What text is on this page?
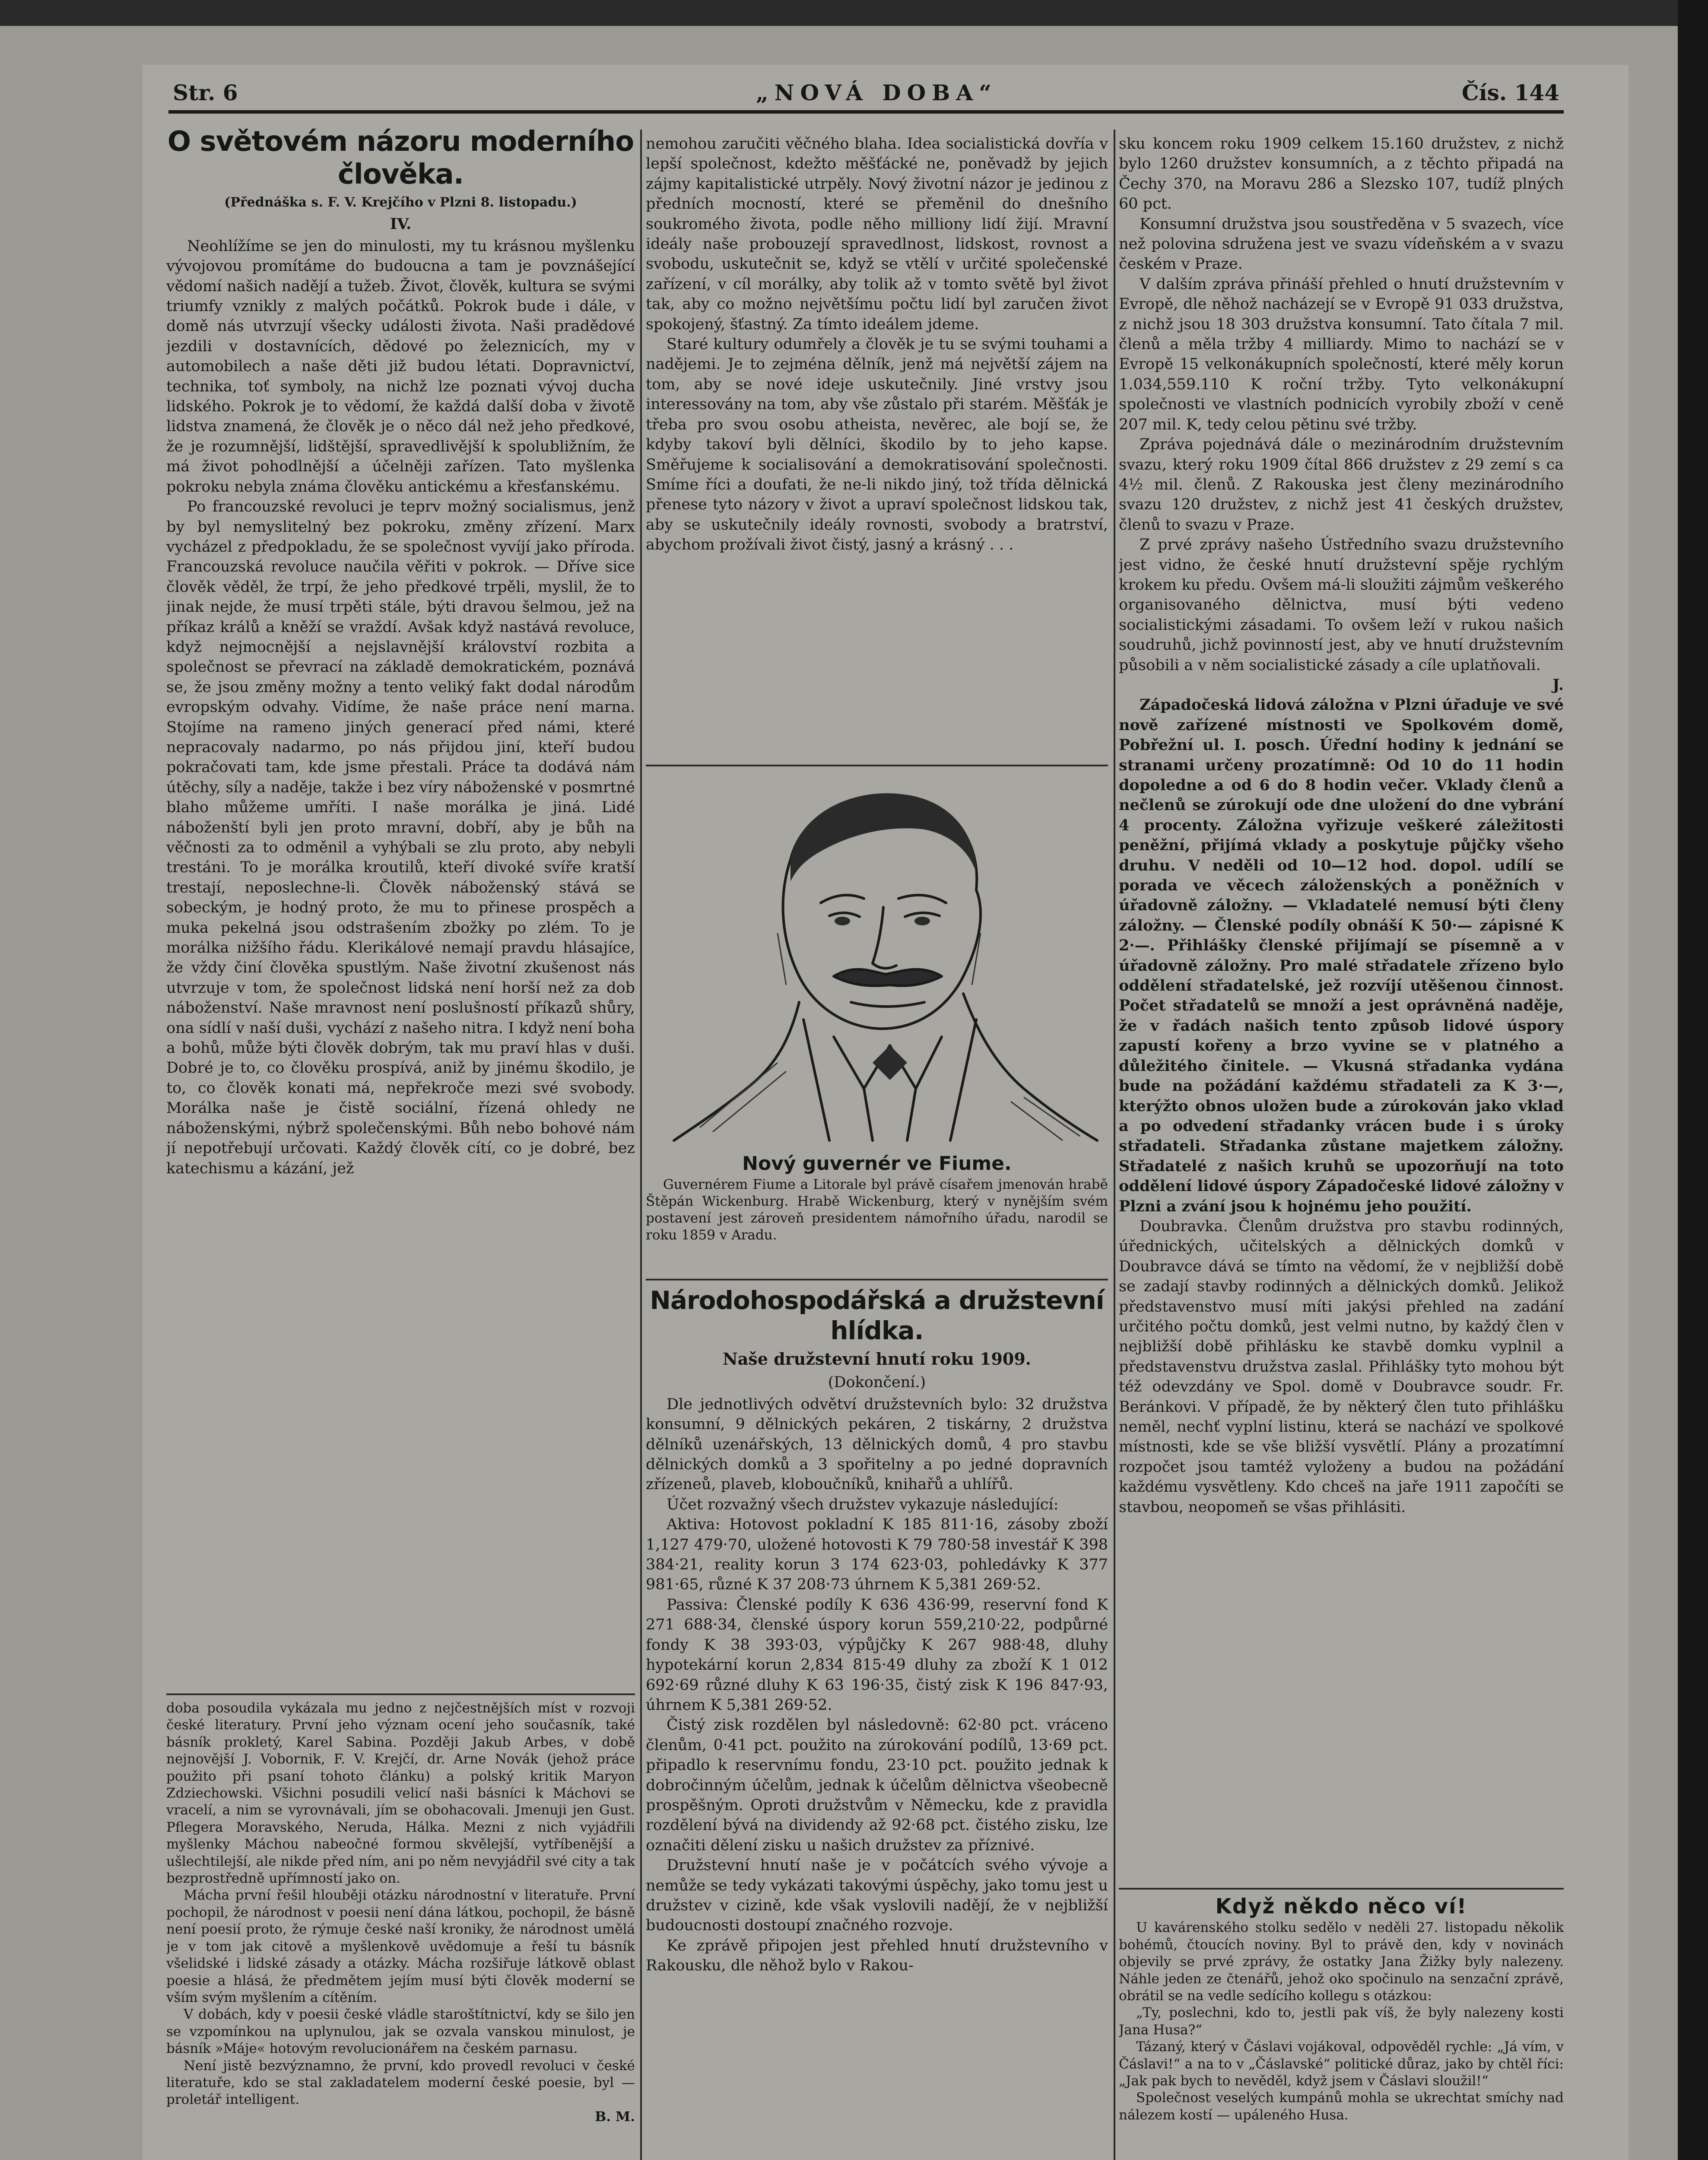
Str. 6	„NOVÁ DOBA“	Čís. 144
O světovém názoru moderního
člověka.
(Přednáška s. F. V. Krejčího v Plzni 8. listopadu.)
IV.

Neohlížíme se jen do minulosti, my tu krásnou myšlenku vývojovou promítáme do budoucna a tam je povznášející vědomí našich nadějí a tužeb. Život, člověk, kultura se svými triumfy vznikly z malých počátků. Pokrok bude i dále, v domě nás utvrzují všecky události života. Naši pradědové jezdili v dostavnících, dědové po železnicích, my v automobilech a naše děti již budou létati. Dopravnictví, technika, toť symboly, na nichž lze poznati vývoj ducha lidského. Pokrok je to vědomí, že každá další doba v životě lidstva znamená, že člověk je o něco dál než jeho předkové, že je rozumnější, lidštější, spravedlivější k spolubližním, že má život pohodlnější a účelněji zařízen. Tato myšlenka pokroku nebyla známa člověku antickému a křesťanskému.

Po francouzské revoluci je teprv možný socialismus, jenž by byl nemyslitelný bez pokroku, změny zřízení. Marx vycházel z předpokladu, že se společnost vyvíjí jako příroda. Francouzská revoluce naučila věřiti v pokrok. — Dříve sice člověk věděl, že trpí, že jeho předkové trpěli, myslil, že to jinak nejde, že musí trpěti stále, býti dravou šelmou, jež na příkaz králů a kněží se vraždí. Avšak když nastává revoluce, když nejmocnější a nejslavnější království rozbita a společnost se převrací na základě demokratickém, poznává se, že jsou změny možny a tento veliký fakt dodal národům evropským odvahy. Vidíme, že naše práce není marna. Stojíme na rameno jiných generací před námi, které nepracovaly nadarmo, po nás přijdou jiní, kteří budou pokračovati tam, kde jsme přestali. Práce ta dodává nám útěchy, síly a naděje, takže i bez víry náboženské v posmrtné blaho můžeme umříti. I naše morálka je jiná. Lidé náboženští byli jen proto mravní, dobří, aby je bůh na věčnosti za to odměnil a vyhýbali se zlu proto, aby nebyli trestáni. To je morálka kroutilů, kteří divoké svíře kratší trestají, neposlechne-li. Člověk náboženský stává se sobeckým, je hodný proto, že mu to přinese prospěch a muka pekelná jsou odstrašením zbožky po zlém. To je morálka nižšího řádu. Klerikálové nemají pravdu hlásajíce, že vždy činí člověka spustlým. Naše životní zkušenost nás utvrzuje v tom, že společnost lidská není horší než za dob náboženství. Naše mravnost není poslušností příkazů shůry, ona sídlí v naší duši, vychází z našeho nitra. I když není boha a bohů, může býti člověk dobrým, tak mu praví hlas v duši. Dobré je to, co člověku prospívá, aniž by jinému škodilo, je to, co člověk konati má, nepřekroče mezi své svobody. Morálka naše je čistě sociální, řízená ohledy ne náboženskými, nýbrž společenskými. Bůh nebo bohové nám jí nepotřebují určovati. Každý člověk cítí, co je dobré, bez katechismu a kázání, jež

doba posoudila vykázala mu jedno z nejčestnějších míst v rozvoji české literatury. První jeho význam ocení jeho současník, také básník prokletý, Karel Sabina. Později Jakub Arbes, v době nejnovější J. Vobornik, F. V. Krejčí, dr. Arne Novák (jehož práce použito při psaní tohoto článku) a polský kritik Maryon Zdziechowski. Všichni posudili velicí naši básníci k Máchovi se vracelí, a nim se vyrovnávali, jím se obohacovali. Jmenuji jen Gust. Pflegera Moravského, Neruda, Hálka. Mezni z nich vyjádřili myšlenky Máchou nabeočné formou skvělejší, vytříbenější a ušlechtilejší, ale nikde před ním, ani po něm nevyjádřil své city a tak bezprostředně upřímností jako on.

Mácha první řešil hlouběji otázku národnostní v literatuře. První pochopil, že národnost v poesii není dána látkou, pochopil, že básně není poesií proto, že rýmuje české naší kroniky, že národnost umělá je v tom jak citově a myšlenkově uvědomuje a řeší tu básník všelidské i lidské zásady a otázky. Mácha rozšiřuje látkově oblast poesie a hlásá, že předmětem jejím musí býti člověk moderní se vším svým myšlením a cítěním.

V dobách, kdy v poesii české vládle staroštítnictví, kdy se šilo jen se vzpomínkou na uplynulou, jak se ozvala vanskou minulost, je básník »Máje« hotovým revolucionářem na českém parnasu.

Není jistě bezvýznamno, že první, kdo provedl revoluci v české literatuře, kdo se stal zakladatelem moderní české poesie, byl — proletář intelligent.

B. M.

nemohou zaručiti věčného blaha. Idea socialistická dovřía v lepší společnost, kdežto měšťácké ne, poněvadž by jejich zájmy kapitalistické utrpěly. Nový životní názor je jedinou z předních mocností, které se přeměnil do dnešního soukromého života, podle něho milliony lidí žijí. Mravní ideály naše probouzejí spravedlnost, lidskost, rovnost a svobodu, uskutečnit se, když se vtělí v určité společenské zařízení, v cíl morálky, aby tolik až v tomto světě byl život tak, aby co možno největšímu počtu lidí byl zaručen život spokojený, šťastný. Za tímto ideálem jdeme.

Staré kultury odumřely a člověk je tu se svými touhami a nadějemi. Je to zejména dělník, jenž má největší zájem na tom, aby se nové ideje uskutečnily. Jiné vrstvy jsou interessovány na tom, aby vše zůstalo při starém. Měšťák je třeba pro svou osobu atheista, nevěrec, ale bojí se, že kdyby takoví byli dělníci, škodilo by to jeho kapse. Směřujeme k socialisování a demokratisování společnosti. Smíme říci a doufati, že ne-li nikdo jiný, tož třída dělnická přenese tyto názory v život a upraví společnost lidskou tak, aby se uskutečnily ideály rovnosti, svobody a bratrství, abychom prožívali život čistý, jasný a krásný . . .

Nový guvernér ve Fiume.

Guvernérem Fiume a Litorale byl právě císařem jmenován hrabě Štěpán Wickenburg. Hrabě Wickenburg, který v nynějším svém postavení jest zároveň presidentem námořního úřadu, narodil se roku 1859 v Aradu.

Národohospodářská a družstevní
hlídka.
Naše družstevní hnutí roku 1909.
(Dokončení.)

Dle jednotlivých odvětví družstevních bylo: 32 družstva konsumní, 9 dělnických pekáren, 2 tiskárny, 2 družstva dělníků uzenářských, 13 dělnických domů, 4 pro stavbu dělnických domků a 3 spořitelny a po jedné dopravních zřízeneů, plaveb, kloboučníků, knihařů a uhlířů.

Účet rozvažný všech družstev vykazuje následující:

Aktiva: Hotovost pokladní K 185 811·16, zásoby zboží 1,127 479·70, uložené hotovosti K 79 780·58 investář K 398 384·21, reality korun 3 174 623·03, pohledávky K 377 981·65, různé K 37 208·73 úhrnem K 5,381 269·52.

Passiva: Členské podíly K 636 436·99, reservní fond K 271 688·34, členské úspory korun 559,210·22, podpůrné fondy K 38 393·03, výpůjčky K 267 988·48, dluhy hypotekární korun 2,834 815·49 dluhy za zboží K 1 012 692·69 různé dluhy K 63 196·35, čistý zisk K 196 847·93, úhrnem K 5,381 269·52.

Čistý zisk rozdělen byl následovně: 62·80 pct. vráceno členům, 0·41 pct. použito na zúrokování podílů, 13·69 pct. připadlo k reservnímu fondu, 23·10 pct. použito jednak k dobročinným účelům, jednak k účelům dělnictva všeobecně prospěšným. Oproti družstvům v Německu, kde z pravidla rozdělení bývá na dividendy až 92·68 pct. čistého zisku, lze označiti dělení zisku u našich družstev za příznivé.

Družstevní hnutí naše je v počátcích svého vývoje a nemůže se tedy vykázati takovými úspěchy, jako tomu jest u družstev v cizině, kde však vyslovili nadějí, že v nejbližší budoucnosti dostoupí značného rozvoje.

Ke zprávě připojen jest přehled hnutí družstevního v Rakousku, dle něhož bylo v Rakou-

sku koncem roku 1909 celkem 15.160 družstev, z nichž bylo 1260 družstev konsumních, a z těchto připadá na Čechy 370, na Moravu 286 a Slezsko 107, tudíž plných 60 pct.

Konsumní družstva jsou soustředěna v 5 svazech, více než polovina sdružena jest ve svazu vídeňském a v svazu českém v Praze.

V dalším zpráva přináší přehled o hnutí družstevním v Evropě, dle něhož nacházejí se v Evropě 91 033 družstva, z nichž jsou 18 303 družstva konsumní. Tato čítala 7 mil. členů a měla tržby 4 milliardy. Mimo to nachází se v Evropě 15 velkonákupních společností, které měly korun 1.034,559.110 K roční tržby. Tyto velkonákupní společnosti ve vlastních podnicích vyrobily zboží v ceně 207 mil. K, tedy celou pětinu své tržby.

Zpráva pojednává dále o mezinárodním družstevním svazu, který roku 1909 čítal 866 družstev z 29 zemí s ca 4½ mil. členů. Z Rakouska jest členy mezinárodního svazu 120 družstev, z nichž jest 41 českých družstev, členů to svazu v Praze.

Z prvé zprávy našeho Ústředního svazu družstevního jest vidno, že české hnutí družstevní spěje rychlým krokem ku předu. Ovšem má-li sloužiti zájmům veškerého organisovaného dělnictva, musí býti vedeno socialistickými zásadami. To ovšem leží v rukou našich soudruhů, jichž povinností jest, aby ve hnutí družstevním působili a v něm socialistické zásady a cíle uplatňovali.

J.

Západočeská lidová záložna v Plzni úřaduje ve své nově zařízené místnosti ve Spolkovém domě, Pobřežní ul. I. posch. Úřední hodiny k jednání se stranami určeny prozatímně: Od 10 do 11 hodin dopoledne a od 6 do 8 hodin večer. Vklady členů a nečlenů se zúrokují ode dne uložení do dne vybrání 4 procenty. Záložna vyřizuje veškeré záležitosti peněžní, přijímá vklady a poskytuje půjčky všeho druhu. V neděli od 10—12 hod. dopol. udílí se porada ve věcech záloženských a poněžních v úřadovně záložny. — Vkladatelé nemusí býti členy záložny. — Členské podíly obnáší K 50·— zápisné K 2·—. Přihlášky členské přijímají se písemně a v úřadovně záložny. Pro malé střadatele zřízeno bylo oddělení střadatelské, jež rozvíjí utěšenou činnost. Počet střadatelů se množí a jest oprávněná naděje, že v řadách našich tento způsob lidové úspory zapustí kořeny a brzo vyvine se v platného a důležitého činitele. — Vkusná střadanka vydána bude na požádání každému střadateli za K 3·—, kterýžto obnos uložen bude a zúrokován jako vklad a po odvedení střadanky vrácen bude i s úroky střadateli. Střadanka zůstane majetkem záložny. Střadatelé z našich kruhů se upozorňují na toto oddělení lidové úspory Západočeské lidové záložny v Plzni a zvání jsou k hojnému jeho použití.

Doubravka. Členům družstva pro stavbu rodinných, úřednických, učitelských a dělnických domků v Doubravce dává se tímto na vědomí, že v nejbližší době se zadají stavby rodinných a dělnických domků. Jelikož představenstvo musí míti jakýsi přehled na zadání určitého počtu domků, jest velmi nutno, by každý člen v nejbližší době přihlásku ke stavbě domku vyplnil a představenstvu družstva zaslal. Přihlášky tyto mohou být též odevzdány ve Spol. domě v Doubravce soudr. Fr. Beránkovi. V případě, že by některý člen tuto přihlášku neměl, nechť vyplní listinu, která se nachází ve spolkové místnosti, kde se vše bližší vysvětlí. Plány a prozatímní rozpočet jsou tamtéž vyloženy a budou na požádání každému vysvětleny. Kdo chceš na jaře 1911 započíti se stavbou, neopomeň se všas přihlásiti.

Když někdo něco ví!

U kavárenského stolku sedělo v neděli 27. listopadu několik bohémů, čtoucích noviny. Byl to právě den, kdy v novinách objevily se prvé zprávy, že ostatky Jana Žižky byly nalezeny. Náhle jeden ze čtenářů, jehož oko spočinulo na senzační zprávě, obrátil se na vedle sedícího kollegu s otázkou:

„Ty, poslechni, kdo to, jestli pak víš, že byly nalezeny kosti Jana Husa?“

Tázaný, který v Čáslavi vojákoval, odpověděl rychle: „Já vím, v Čáslavi!“ a na to v „Čáslavské“ politické důraz, jako by chtěl říci: „Jak pak bych to nevěděl, když jsem v Čáslavi sloužil!“

Společnost veselých kumpánů mohla se ukrechtat smíchy nad nálezem kostí — upáleného Husa.
